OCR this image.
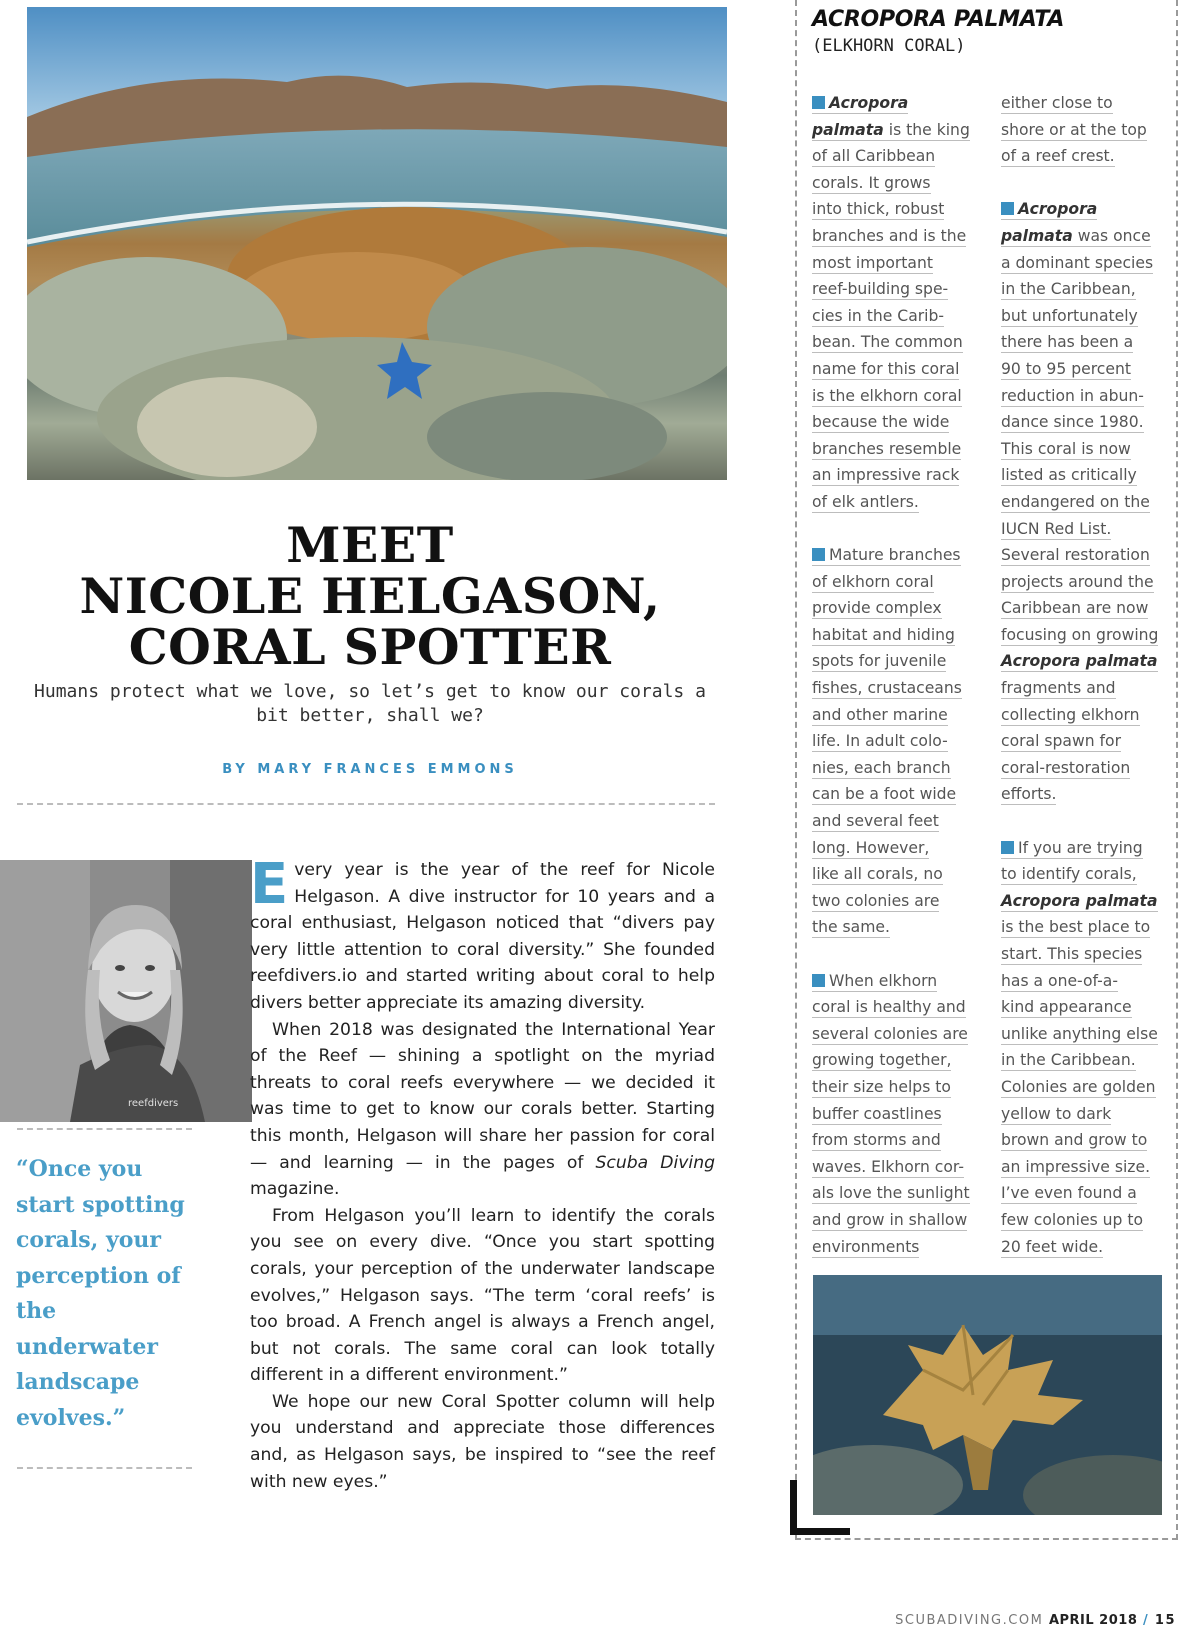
MEET
NICOLE HELGASON,
CORAL SPOTTER

Humans protect what we love, so let’s get to know our corals a bit better, shall we?

BY MARY FRANCES EMMONS
reefdivers

“Once you start spotting corals, your perception of the underwater landscape evolves.”

Every year is the year of the reef for Nicole Helgason. A dive instructor for 10 years and a coral enthusiast, Helgason noticed that “divers pay very little attention to coral diversity.” She founded reefdivers.io and started writing about coral to help divers better appreciate its amazing diversity.

When 2018 was designated the International Year of the Reef — shining a spotlight on the myriad threats to coral reefs everywhere — we decided it was time to get to know our corals better. Starting this month, Helgason will share her passion for coral — and learning — in the pages of Scuba Diving magazine.

From Helgason you’ll learn to identify the corals you see on every dive. “Once you start spotting corals, your perception of the underwater landscape evolves,” Helgason says. “The term ‘coral reefs’ is too broad. A French angel is always a French angel, but not corals. The same coral can look totally different in a different environment.”

We hope our new Coral Spotter column will help you understand and appreciate those differences and, as Helgason says, be inspired to “see the reef with new eyes.”

ACROPORA PALMATA
(ELKHORN CORAL)
Acropora
palmata is the king
of all Caribbean
corals. It grows
into thick, robust
branches and is the
most important
reef-building spe-
cies in the Carib-
bean. The common
name for this coral
is the elkhorn coral
because the wide
branches resemble
an impressive rack
of elk antlers.
Mature branches
of elkhorn coral
provide complex
habitat and hiding
spots for juvenile
fishes, crustaceans
and other marine
life. In adult colo-
nies, each branch
can be a foot wide
and several feet
long. However,
like all corals, no
two colonies are
the same.
When elkhorn
coral is healthy and
several colonies are
growing together,
their size helps to
buffer coastlines
from storms and
waves. Elkhorn cor-
als love the sunlight
and grow in shallow
environments
either close to
shore or at the top
of a reef crest.
Acropora
palmata was once
a dominant species
in the Caribbean,
but unfortunately
there has been a
90 to 95 percent
reduction in abun-
dance since 1980.
This coral is now
listed as critically
endangered on the
IUCN Red List.
Several restoration
projects around the
Caribbean are now
focusing on growing
Acropora palmata
fragments and
collecting elkhorn
coral spawn for
coral-restoration
efforts.
If you are trying
to identify corals,
Acropora palmata
is the best place to
start. This species
has a one-of-a-
kind appearance
unlike anything else
in the Caribbean.
Colonies are golden
yellow to dark
brown and grow to
an impressive size.
I’ve even found a
few colonies up to
20 feet wide.
SCUBADIVING.COM APRIL 2018 / 15
